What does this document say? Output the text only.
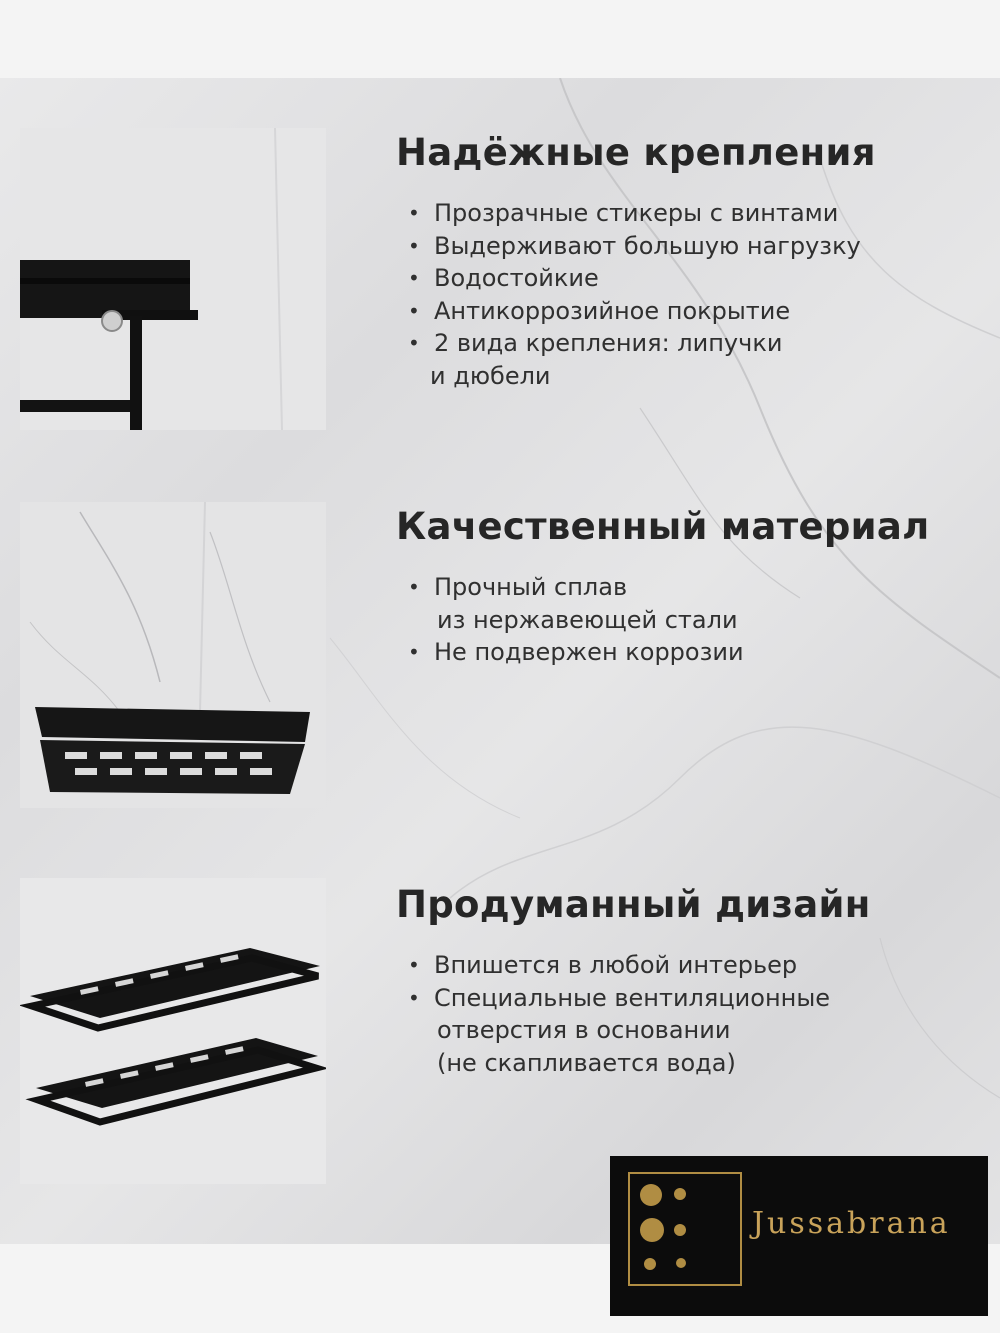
Надёжные крепления
• Прозрачные стикеры с винтами
• Выдерживают большую нагрузку
• Водостойкие
• Антикоррозийное покрытие
• 2 вида крепления: липучки
и дюбели
Качественный материал
• Прочный сплав
из нержавеющей стали
• Не подвержен коррозии
Продуманный дизайн
• Впишется в любой интерьер
• Специальные вентиляционные
отверстия в основании
(не скапливается вода)
Jussabrana
